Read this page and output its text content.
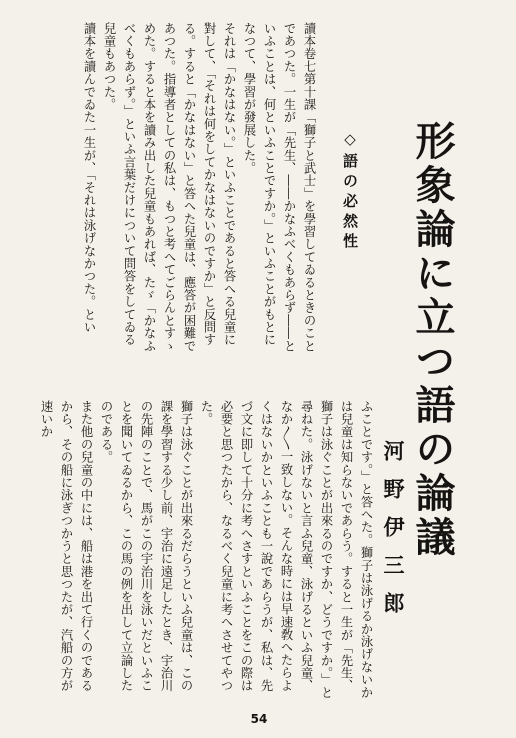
形象論に立つ語の論議
河野伊三郎
◇語の必然性
讀本卷七第十課「獅子と武士」を學習してゐるときのことであつた。一生が「先生、――かなふべくもあらず――といふことは、何といふことですか。」といふことがもとになつて、學習が發展した。
それは「かなはない。」といふことであると答へる兒童に對して、「それは何をしてかなはないのですか」と反問する。すると「かなはない」と答へた兒童は、應答が困難であつた。指導者としての私は、もつと考へてごらんとすゝめた。すると本を讀み出した兒童もあれば、たゞ「かなふべくもあらず。」といふ言葉だけについて問答をしてゐる兒童もあつた。
讀本を讀んでゐた一生が、「それは泳げなかつた。とい
ふことです。」と答へた。獅子は泳げるか泳げないかは兒童は知らないであらう。すると一生が「先生、獅子は泳ぐことが出來るのですか、どうですか。」と尋ねた。泳げないと言ふ兒童、泳げるといふ兒童、なか〳〵一致しない。そんな時には早速敎へたらよくはないかといふことも一說であらうが、私は、先づ文に即して十分に考へさすといふことをこの際は必要と思つたから、なるべく兒童に考へさせてやつた。
獅子は泳ぐことが出來るだらうといふ兒童は、この課を學習する少し前、宇治に遠足したとき、宇治川の先陣のことで、馬がこの宇治川を泳いだといふことを聞いてゐるから、この馬の例を出して立論したのである。
また他の兒童の中には、船は港を出て行くのであるから、その船に泳ぎつかうと思つたが、汽船の方が速いか
54
